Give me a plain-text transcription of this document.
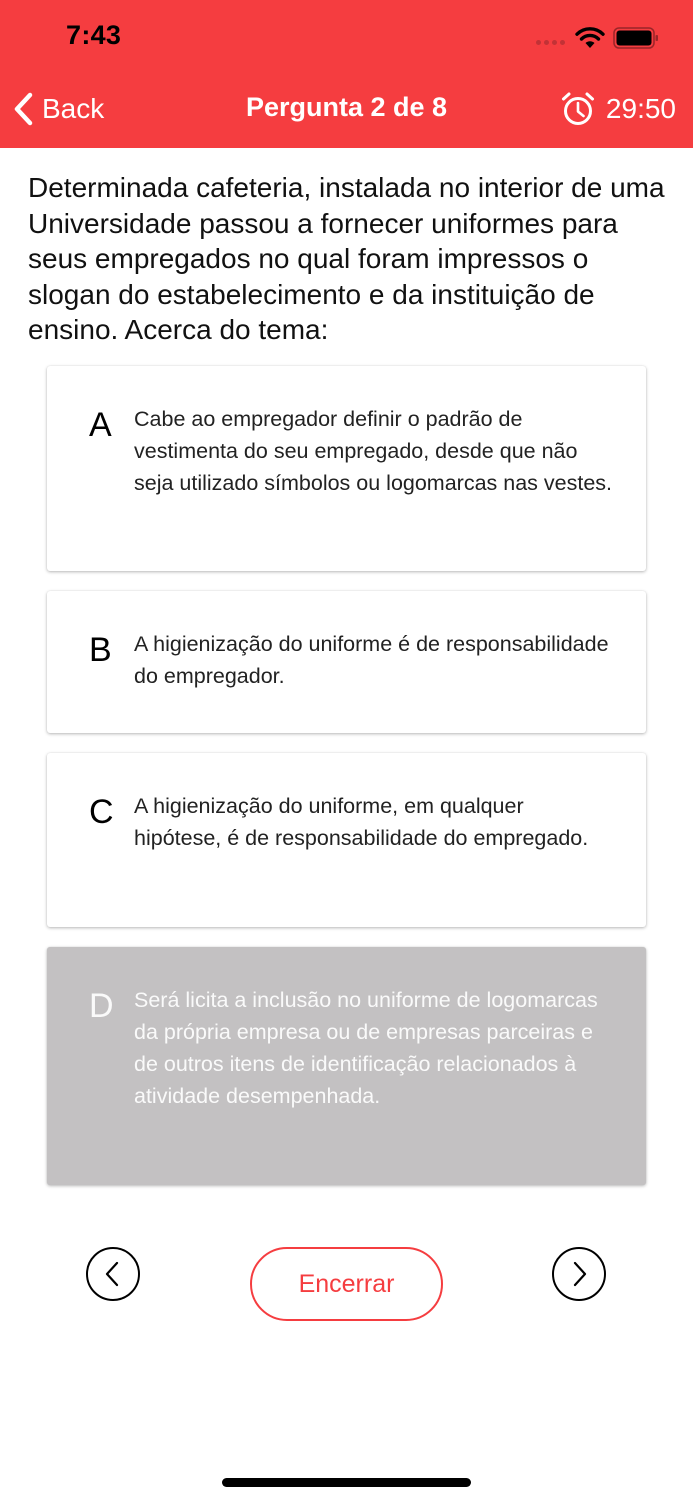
7:43
Back	Pergunta 2 de 8	29:50
Determinada cafeteria, instalada no interior de uma Universidade passou a fornecer uniformes para seus empregados no qual foram impressos o slogan do estabelecimento e da instituição de ensino. Acerca do tema:
A Cabe ao empregador definir o padrão de vestimenta do seu empregado, desde que não seja utilizado símbolos ou logomarcas nas vestes.
B A higienização do uniforme é de responsabilidade do empregador.
C A higienização do uniforme, em qualquer hipótese, é de responsabilidade do empregado.
D Será licita a inclusão no uniforme de logomarcas da própria empresa ou de empresas parceiras e de outros itens de identificação relacionados à atividade desempenhada.
Encerrar
